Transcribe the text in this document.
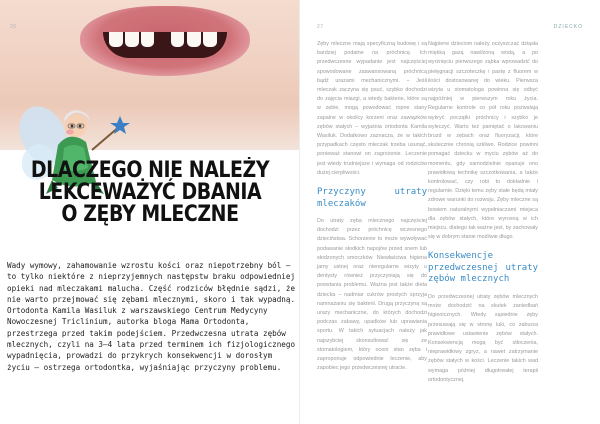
DLACZEGO NIE NALEŻY
LEKCEWAŻYĆ DBANIA
O ZĘBY MLECZNE

Wady wymowy, zahamowanie wzrostu kości oraz niepotrzebny ból – to tylko niektóre z nieprzyjemnych następstw braku odpowiedniej opieki nad mleczakami malucha. Część rodziców błędnie sądzi, że nie warto przejmować się zębami mlecznymi, skoro i tak wypadną. Ortodonta Kamila Wasiluk z warszawskiego Centrum Medycyny Nowoczesnej Triclinium, autorka bloga Mama Ortodonta, przestrzega przed takim podejściem. Przedwczesna utrata zębów mlecznych, czyli na 3–4 lata przed terminem ich fizjologicznego wypadnięcia, prowadzi do przykrych konsekwencji w dorosłym życiu – ostrzega ortodontka, wyjaśniając przyczyny problemu.

26	27	DZIECKO

Zęby mleczne mają specyficzną budowę i są bardziej podatne na próchnicę. Ich przedwczesne wypadanie jest najczęściej spowodowane zaawansowaną próchnicą bądź urazami mechanicznymi. – Jeśli mleczak zaczyna się psuć, szybko dochodzi do zajęcia miazgi, a wtedy bakterie, które są w zębie, mogą powodować ropne stany zapalne w okolicy korzeni oraz zawiązków zębów stałych – wyjaśnia ortodonta Kamila Wasiluk. Dodatkowo zaznacza, że w takich przypadkach często mleczak trzeba usunąć, ponieważ stanowi on zagrożenie. Leczenie jest wtedy trudniejsze i wymaga od rodziców dużej cierpliwości.

Przyczyny utraty mleczaków

Do utraty zęba mlecznego najczęściej dochodzi przez próchnicę wczesnego dzieciństwa. Schorzenie to może wywoływać podawanie słodkich napojów przed snem lub słodzonych smoczków. Niewłaściwa higiena jamy ustnej oraz nieregularne wizyty u dentysty również przyczyniają się do powstania problemu. Ważna jest także dieta dziecka – nadmiar cukrów prostych sprzyja namnażaniu się bakterii. Drugą przyczyną są urazy mechaniczne, do których dochodzi podczas zabawy, upadków lub uprawiania sportu. W takich sytuacjach należy jak najszybciej skonsultować się ze stomatologiem, który oceni stan zęba i zaproponuje odpowiednie leczenie, aby zapobiec jego przedwczesnej utracie.

Najpierw dzieciom należy oczyszczać dziąsła miękką gazą nawilżoną wodą, a po wyrżnięciu pierwszego ząbka wprowadzić do pielęgnacji szczoteczkę i pastę z fluorem w ilości dostosowanej do wieku. Pierwsza wizyta u stomatologa powinna się odbyć najpóźniej w pierwszym roku życia. Regularne kontrole co pół roku pozwalają wykryć początki próchnicy i szybko je wyleczyć. Warto też pamiętać o lakowaniu bruzd w zębach oraz fluoryzacji, które skutecznie chronią szkliwo. Rodzice powinni pomagać dziecku w myciu zębów aż do momentu, gdy samodzielnie opanuje ono prawidłową technikę szczotkowania, a także kontrolować, czy robi to dokładnie i regularnie. Dzięki temu zęby stałe będą miały zdrowe warunki do rozwoju. Zęby mleczne są bowiem naturalnymi wypełniaczami miejsca dla zębów stałych, które wyrosną w ich miejscu, dlatego tak ważne jest, by zachowały się w dobrym stanie możliwie długo.

Konsekwencje przedwczesnej utraty zębów mlecznych

Do przedwczesnej utraty zębów mlecznych może dochodzić na skutek zaniedbań higienicznych. Wtedy sąsiednie zęby przesuwają się w stronę luki, co zaburza prawidłowe ustawienie zębów stałych. Konsekwencją mogą być stłoczenia, nieprawidłowy zgryz, a nawet zatrzymanie zębów stałych w kości. Leczenie takich wad wymaga później długotrwałej terapii ortodontycznej.
